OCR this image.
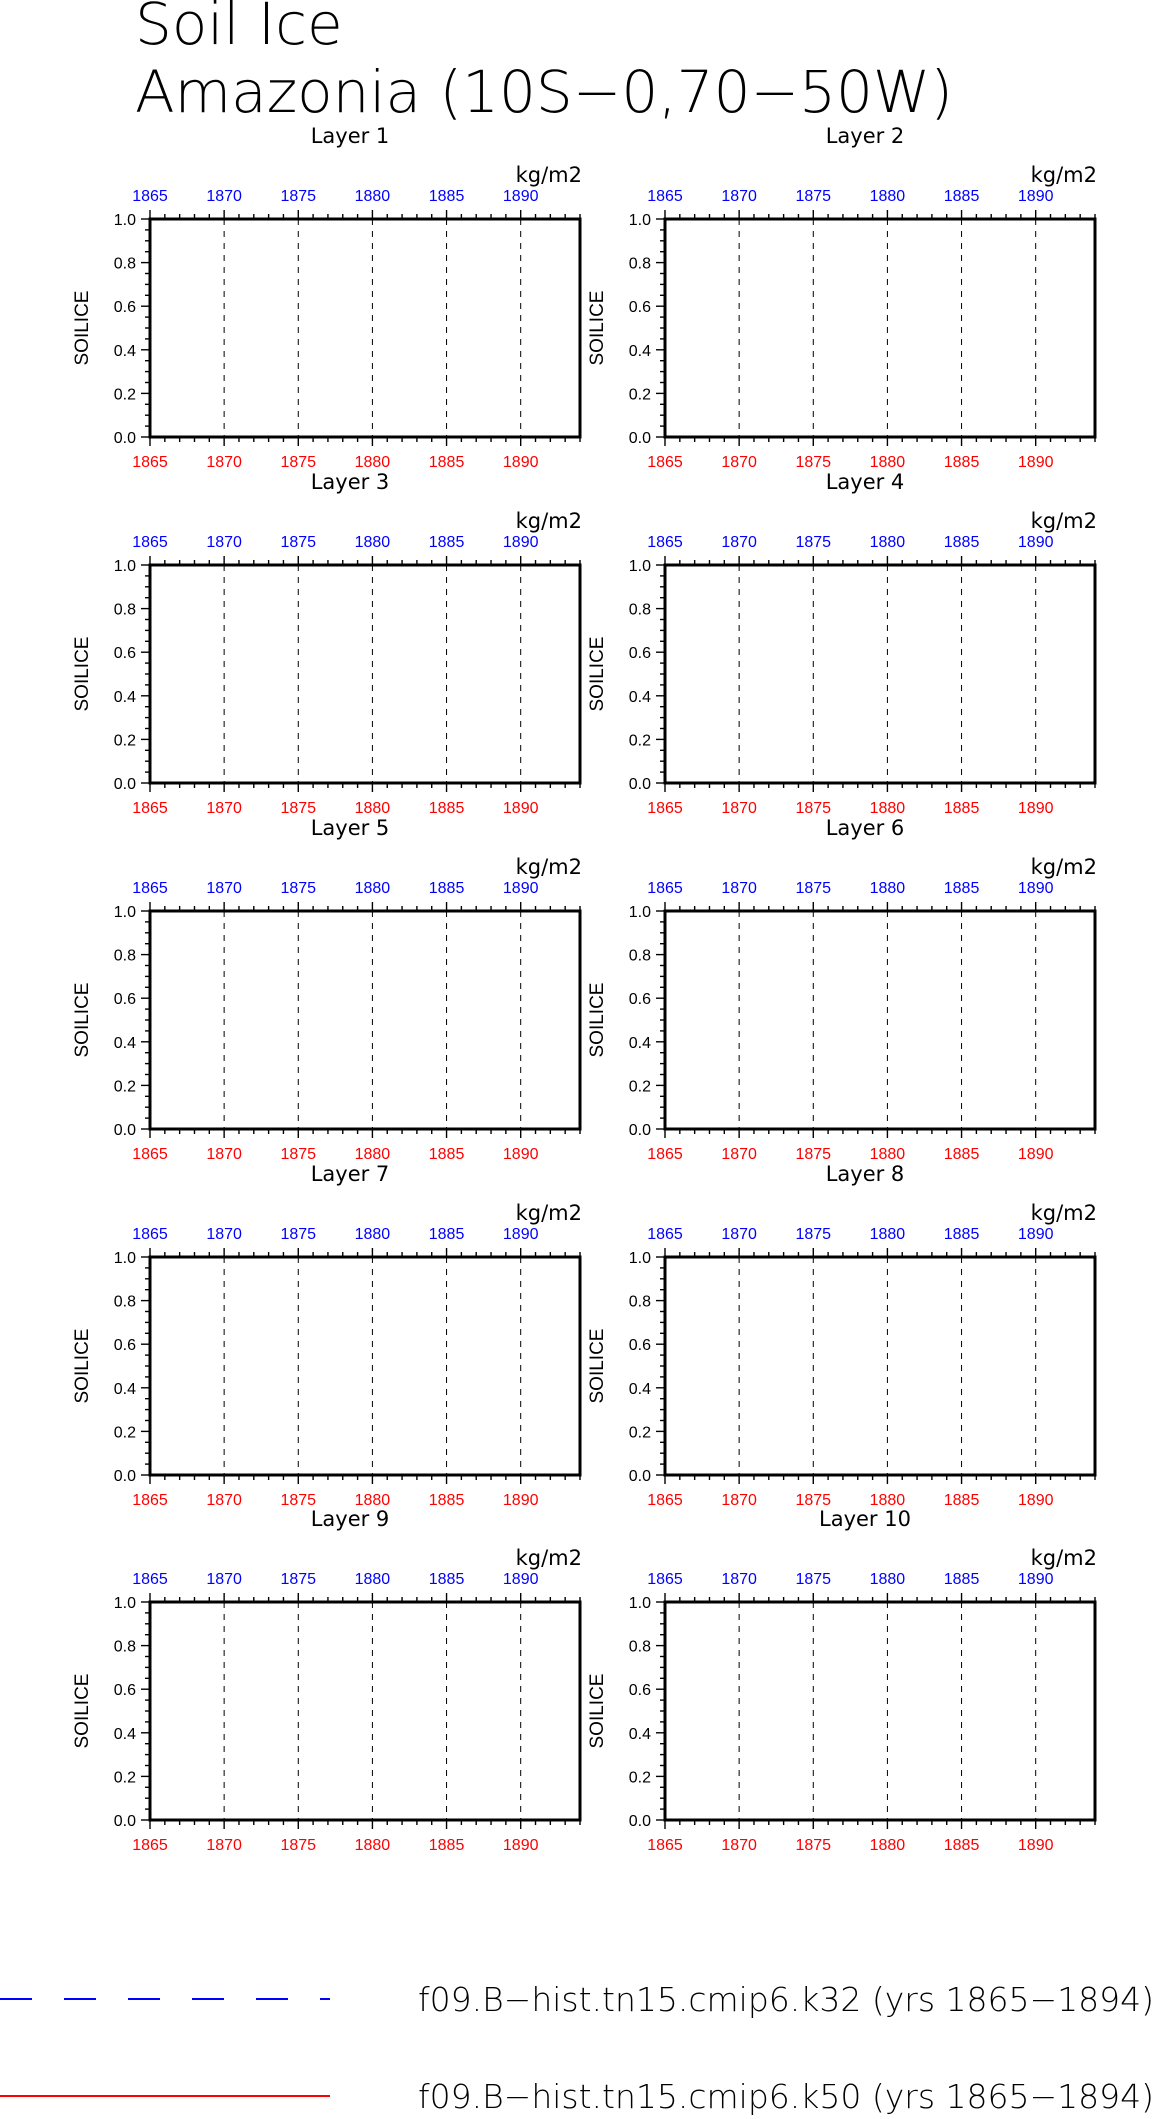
Soil Ice
Amazonia (10S−0,70−50W)
0.0
0.2
0.4
0.6
0.8
1.0
1865
1865
1870
1870
1875
1875
1880
1880
1885
1885
1890
1890
Layer 1
kg/m2
SOILICE
0.0
0.2
0.4
0.6
0.8
1.0
1865
1865
1870
1870
1875
1875
1880
1880
1885
1885
1890
1890
Layer 2
kg/m2
SOILICE
0.0
0.2
0.4
0.6
0.8
1.0
1865
1865
1870
1870
1875
1875
1880
1880
1885
1885
1890
1890
Layer 3
kg/m2
SOILICE
0.0
0.2
0.4
0.6
0.8
1.0
1865
1865
1870
1870
1875
1875
1880
1880
1885
1885
1890
1890
Layer 4
kg/m2
SOILICE
0.0
0.2
0.4
0.6
0.8
1.0
1865
1865
1870
1870
1875
1875
1880
1880
1885
1885
1890
1890
Layer 5
kg/m2
SOILICE
0.0
0.2
0.4
0.6
0.8
1.0
1865
1865
1870
1870
1875
1875
1880
1880
1885
1885
1890
1890
Layer 6
kg/m2
SOILICE
0.0
0.2
0.4
0.6
0.8
1.0
1865
1865
1870
1870
1875
1875
1880
1880
1885
1885
1890
1890
Layer 7
kg/m2
SOILICE
0.0
0.2
0.4
0.6
0.8
1.0
1865
1865
1870
1870
1875
1875
1880
1880
1885
1885
1890
1890
Layer 8
kg/m2
SOILICE
0.0
0.2
0.4
0.6
0.8
1.0
1865
1865
1870
1870
1875
1875
1880
1880
1885
1885
1890
1890
Layer 9
kg/m2
SOILICE
0.0
0.2
0.4
0.6
0.8
1.0
1865
1865
1870
1870
1875
1875
1880
1880
1885
1885
1890
1890
Layer 10
kg/m2
SOILICE
f09.B−hist.tn15.cmip6.k32 (yrs 1865−1894)
f09.B−hist.tn15.cmip6.k50 (yrs 1865−1894)
